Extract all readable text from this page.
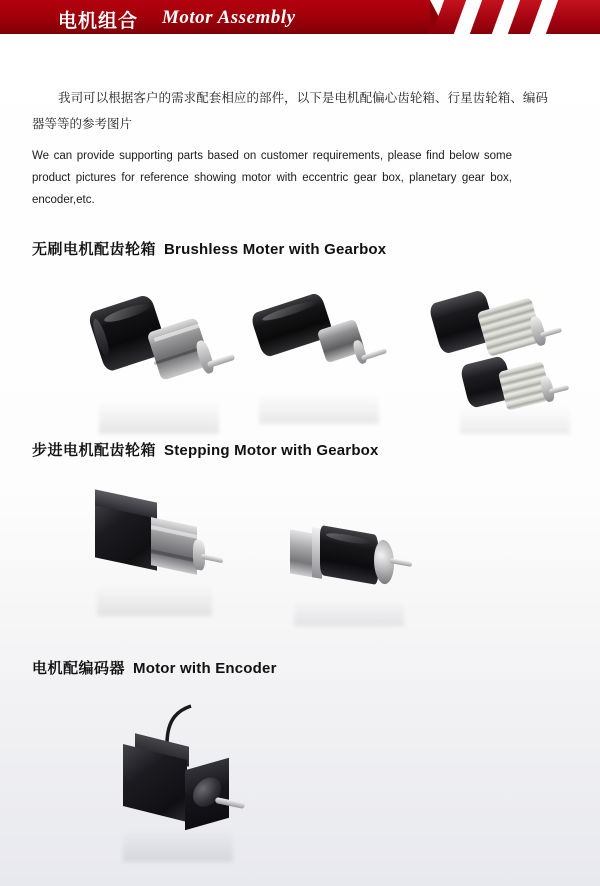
电机组合 Motor Assembly
我司可以根据客户的需求配套相应的部件，以下是电机配偏心齿轮箱、行星齿轮箱、编码器等等的参考图片
We can provide supporting parts based on customer requirements, please find below some product pictures for reference showing motor with eccentric gear box, planetary gear box, encoder,etc.
无刷电机配齿轮箱 Brushless Moter with Gearbox
步进电机配齿轮箱 Stepping Motor with Gearbox
电机配编码器 Motor with Encoder
